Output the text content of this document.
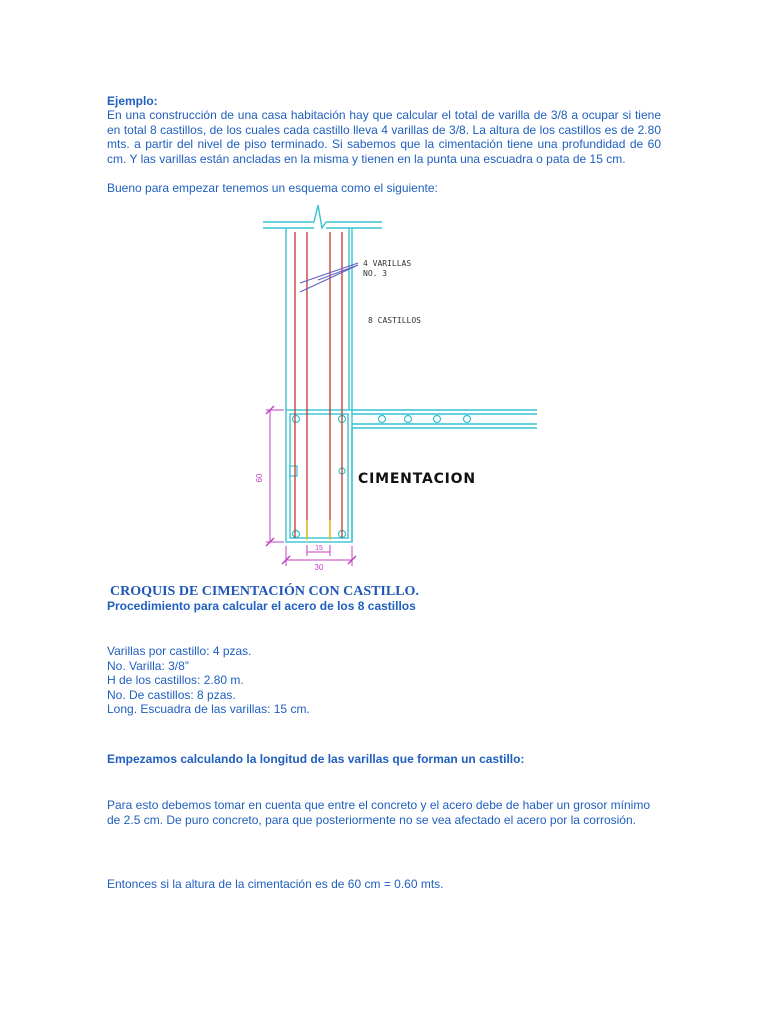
Ejemplo:
En una construcción de una casa habitación hay que calcular el total de varilla de 3/8 a ocupar si tiene en total 8 castillos, de los cuales cada castillo lleva 4 varillas de 3/8. La altura de los castillos es de 2.80 mts. a partir del nivel de piso terminado. Si sabemos que la cimentación tiene una profundidad de 60 cm. Y las varillas están ancladas en la misma y tienen en la punta una escuadra o pata de 15 cm.
Bueno para empezar tenemos un esquema como el siguiente:
60
30
15
4 VARILLAS
NO. 3
8 CASTILLOS
CIMENTACION
CROQUIS DE CIMENTACIÓN CON CASTILLO.
Procedimiento para calcular el acero de los 8 castillos
Varillas por castillo: 4 pzas.
No. Varilla: 3/8”
H de los castillos: 2.80 m.
No. De castillos: 8 pzas.
Long. Escuadra de las varillas: 15 cm.
Empezamos calculando la longitud de las varillas que forman un castillo:
Para esto debemos tomar en cuenta que entre el concreto y el acero debe de haber un grosor mínimo de 2.5 cm. De puro concreto, para que posteriormente no se vea afectado el acero por la corrosión.
Entonces si la altura de la cimentación es de 60 cm = 0.60 mts.
